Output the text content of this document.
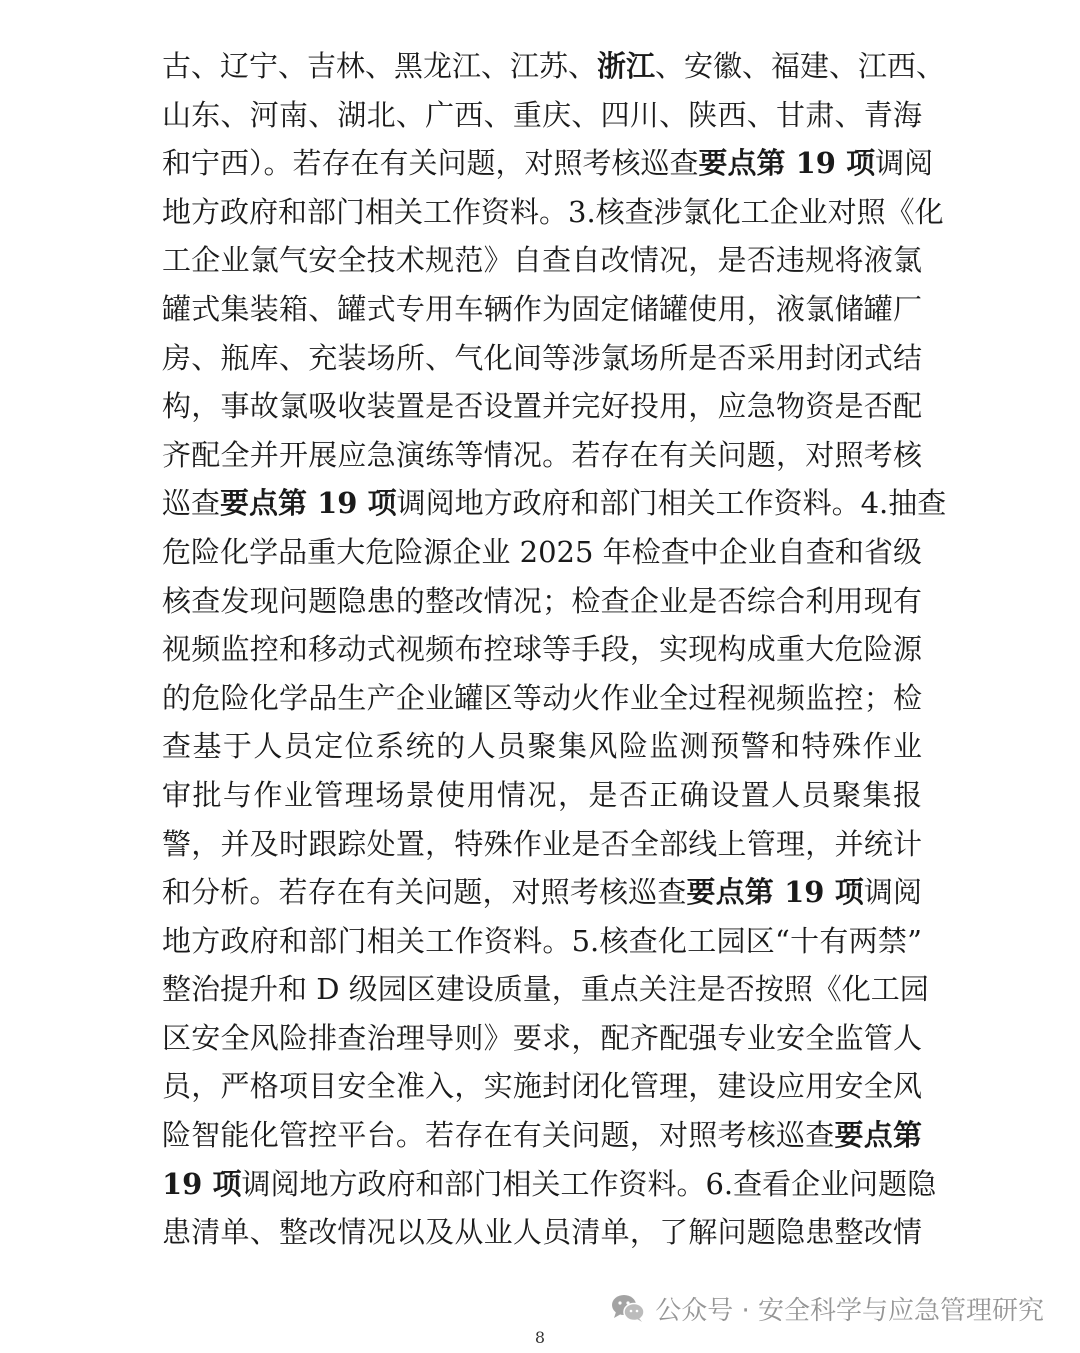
古、辽宁、吉林、黑龙江、江苏、浙江、安徽、福建、江西、
山东、河南、湖北、广西、重庆、四川、陕西、甘肃、青海
和宁西）。若存在有关问题，对照考核巡查要点第 19 项调阅
地方政府和部门相关工作资料。3.核查涉氯化工企业对照《化
工企业氯气安全技术规范》自查自改情况，是否违规将液氯
罐式集装箱、罐式专用车辆作为固定储罐使用，液氯储罐厂
房、瓶库、充装场所、气化间等涉氯场所是否采用封闭式结
构，事故氯吸收装置是否设置并完好投用，应急物资是否配
齐配全并开展应急演练等情况。若存在有关问题，对照考核
巡查要点第 19 项调阅地方政府和部门相关工作资料。4.抽查
危险化学品重大危险源企业 2025 年检查中企业自查和省级
核查发现问题隐患的整改情况；检查企业是否综合利用现有
视频监控和移动式视频布控球等手段，实现构成重大危险源
的危险化学品生产企业罐区等动火作业全过程视频监控；检
查基于人员定位系统的人员聚集风险监测预警和特殊作业
审批与作业管理场景使用情况，是否正确设置人员聚集报
警，并及时跟踪处置，特殊作业是否全部线上管理，并统计
和分析。若存在有关问题，对照考核巡查要点第 19 项调阅
地方政府和部门相关工作资料。5.核查化工园区“十有两禁”
整治提升和 D 级园区建设质量，重点关注是否按照《化工园
区安全风险排查治理导则》要求，配齐配强专业安全监管人
员，严格项目安全准入，实施封闭化管理，建设应用安全风
险智能化管控平台。若存在有关问题，对照考核巡查要点第
19 项调阅地方政府和部门相关工作资料。6.查看企业问题隐
患清单、整改情况以及从业人员清单，了解问题隐患整改情
公众号 · 安全科学与应急管理研究
8
